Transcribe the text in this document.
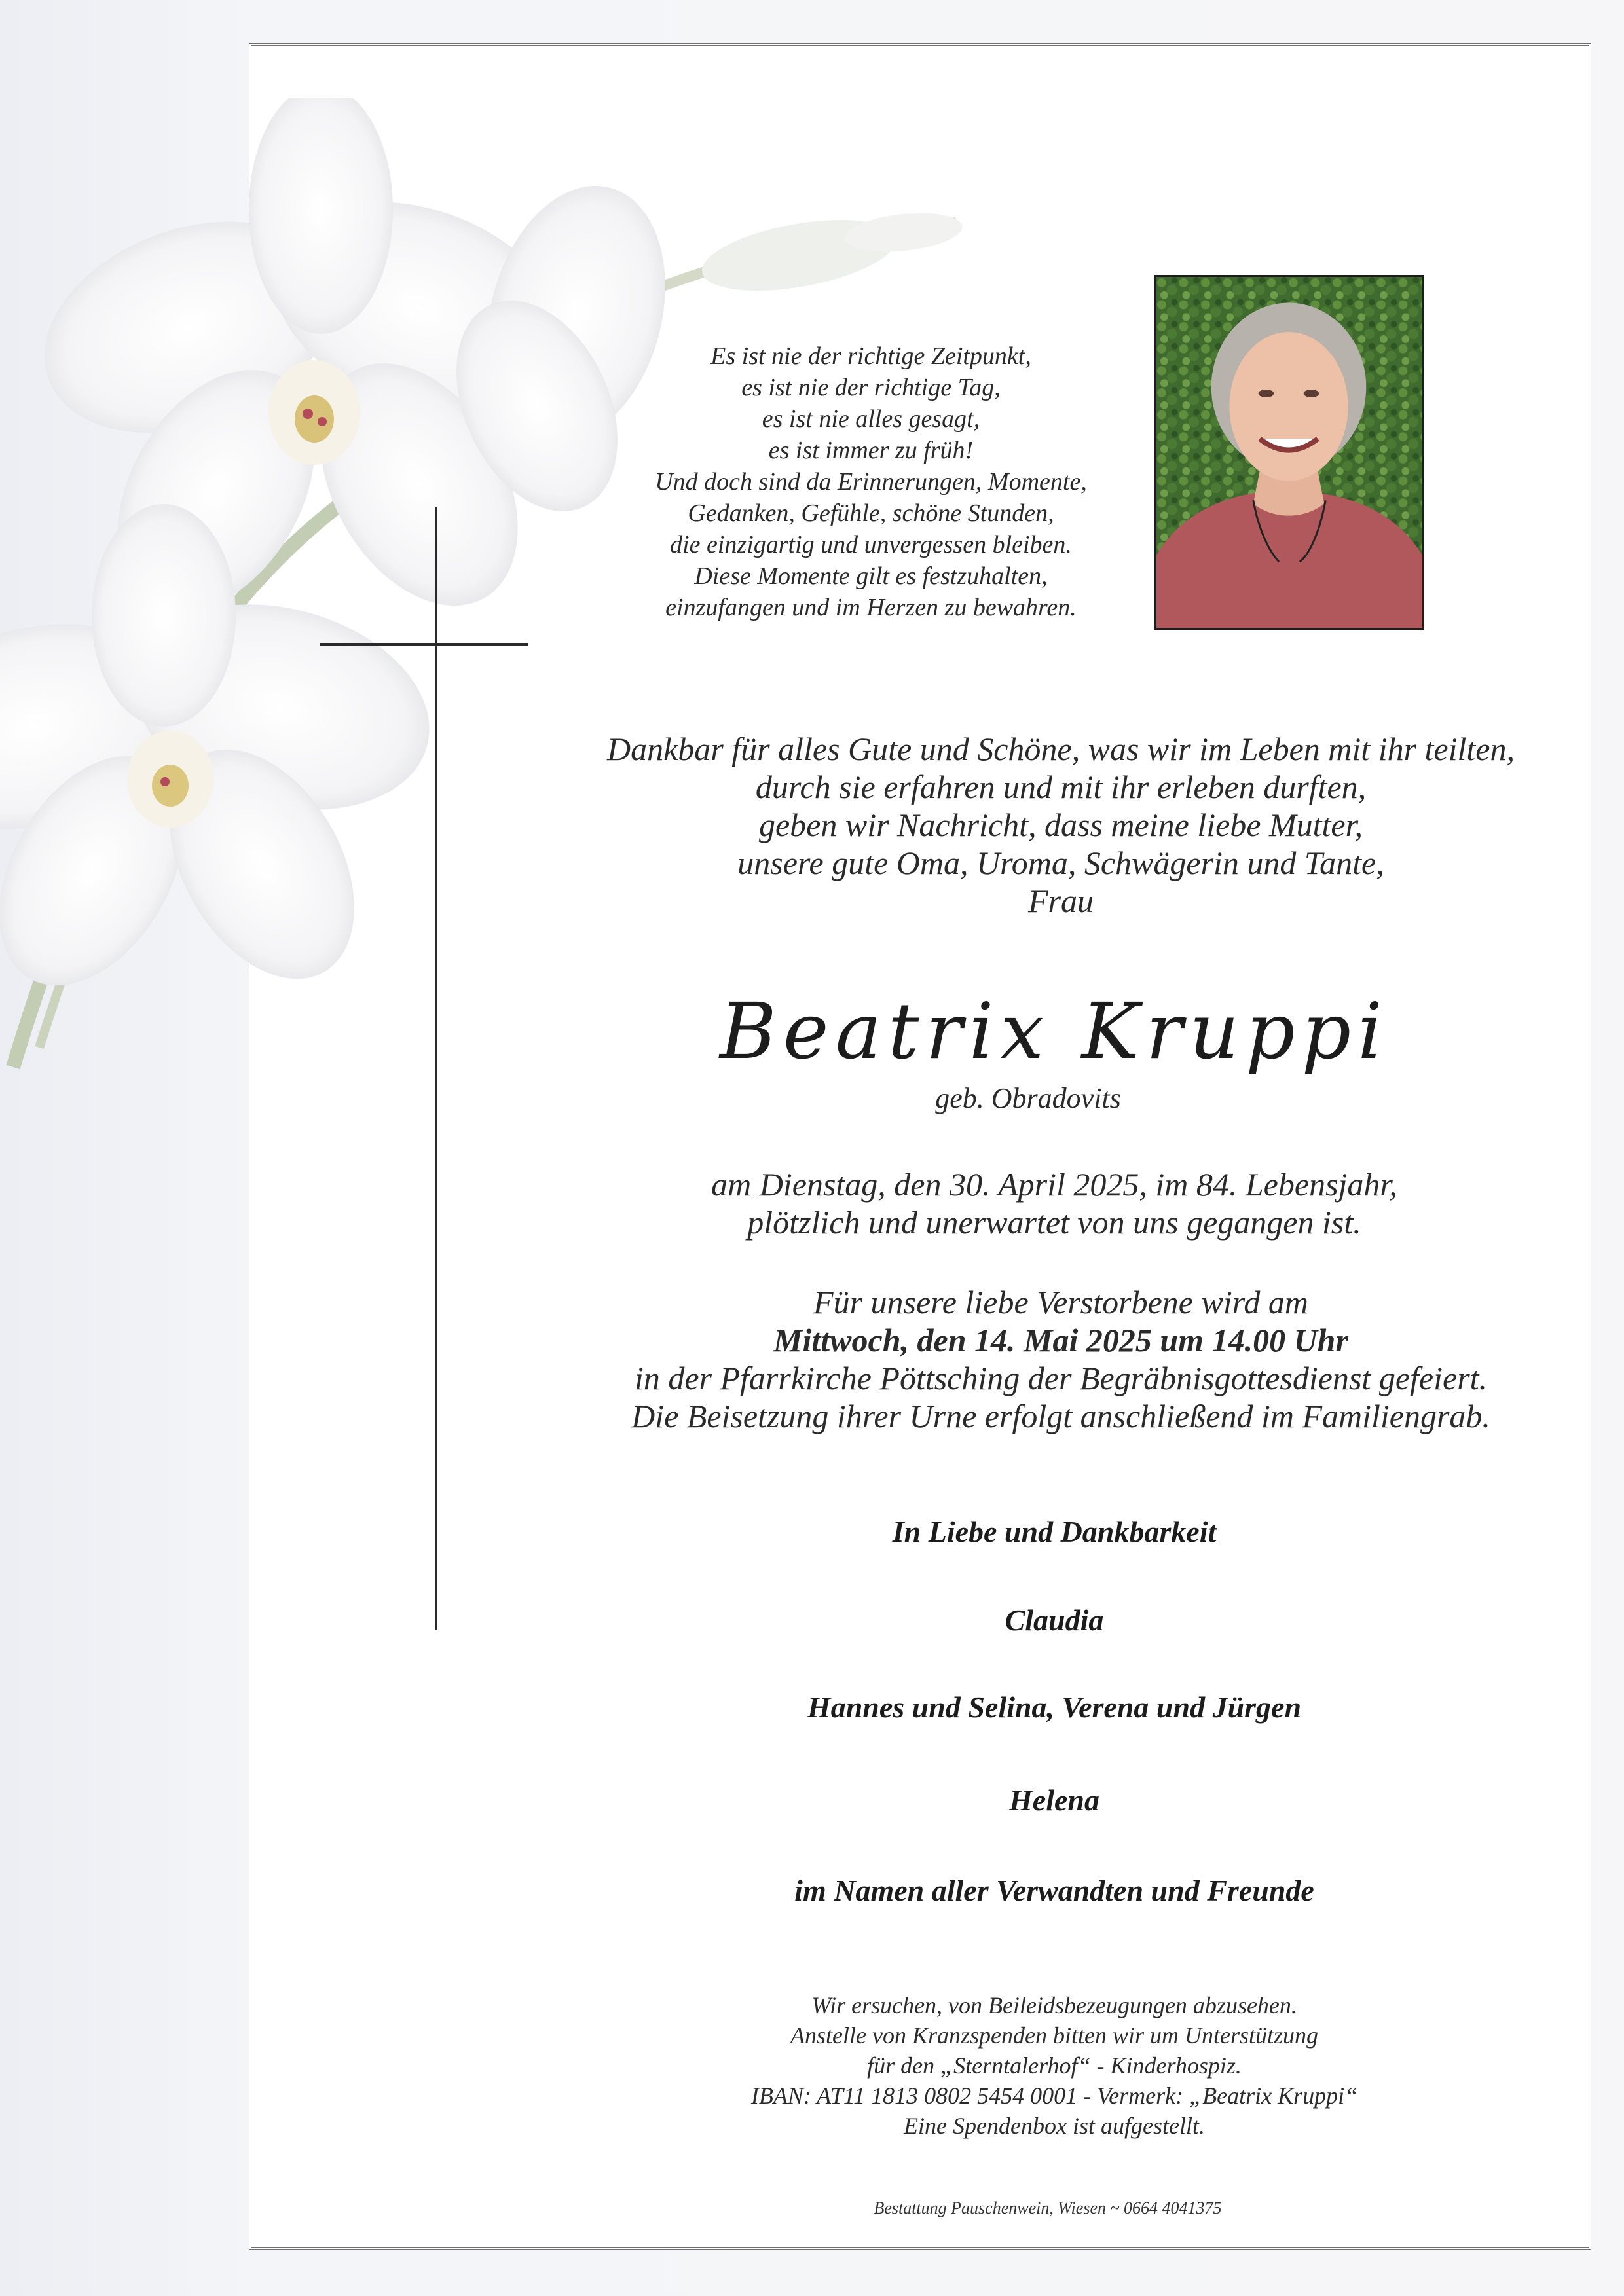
Es ist nie der richtige Zeitpunkt,
es ist nie der richtige Tag,
es ist nie alles gesagt,
es ist immer zu früh!
Und doch sind da Erinnerungen, Momente,
Gedanken, Gefühle, schöne Stunden,
die einzigartig und unvergessen bleiben.
Diese Momente gilt es festzuhalten,
einzufangen und im Herzen zu bewahren.
Dankbar für alles Gute und Schöne, was wir im Leben mit ihr teilten,
durch sie erfahren und mit ihr erleben durften,
geben wir Nachricht, dass meine liebe Mutter,
unsere gute Oma, Uroma, Schwägerin und Tante,
Frau
Beatrix Kruppi
geb. Obradovits
am Dienstag, den 30. April 2025, im 84. Lebensjahr,
plötzlich und unerwartet von uns gegangen ist.
Für unsere liebe Verstorbene wird am
Mittwoch, den 14. Mai 2025 um 14.00 Uhr
in der Pfarrkirche Pöttsching der Begräbnisgottesdienst gefeiert.
Die Beisetzung ihrer Urne erfolgt anschließend im Familiengrab.
In Liebe und Dankbarkeit
Claudia
Hannes und Selina, Verena und Jürgen
Helena
im Namen aller Verwandten und Freunde
Wir ersuchen, von Beileidsbezeugungen abzusehen.
Anstelle von Kranzspenden bitten wir um Unterstützung
für den „Sterntalerhof“ - Kinderhospiz.
IBAN: AT11 1813 0802 5454 0001 - Vermerk: „Beatrix Kruppi“
Eine Spendenbox ist aufgestellt.
Bestattung Pauschenwein, Wiesen ~ 0664 4041375
